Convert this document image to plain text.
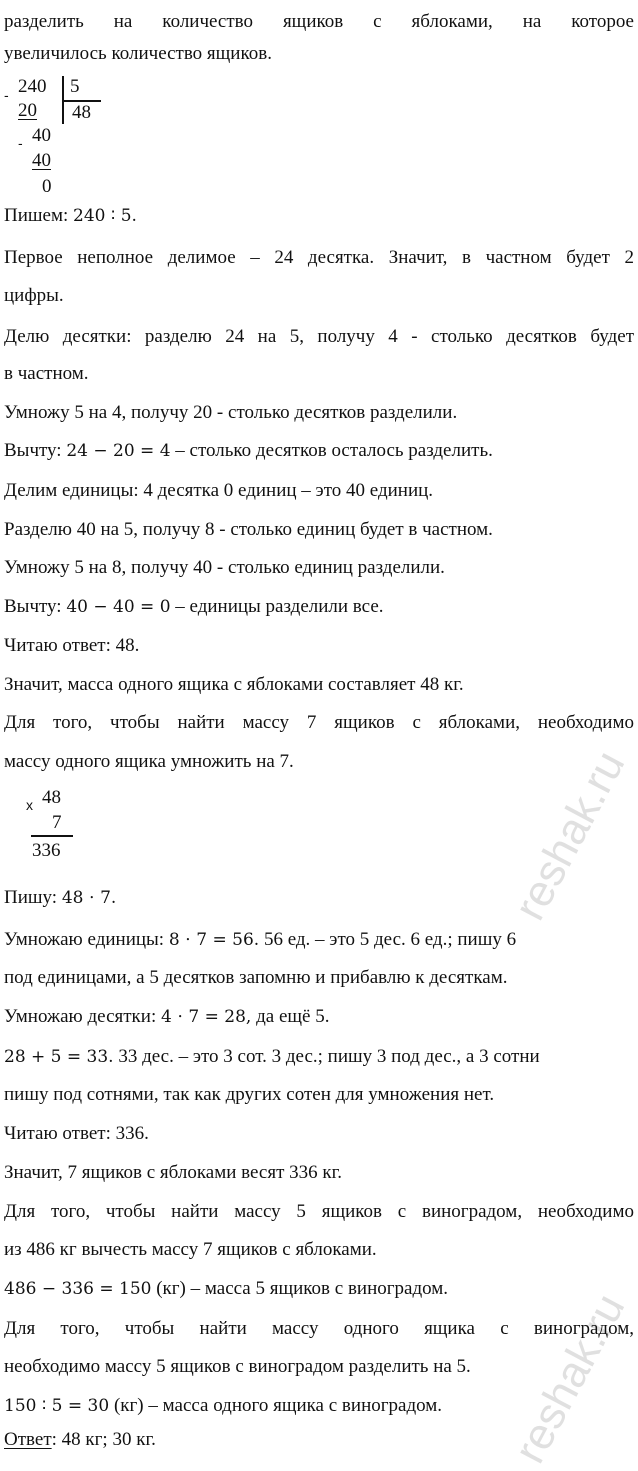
reshak.ru
reshak.ru
разделить на количество ящиков с яблоками, на которое
увеличилось количество ящиков.
- 240 5
20 48
- 40
40
0
Пишем: 240 ∶ 5.
Первое неполное делимое – 24 десятка. Значит, в частном будет 2
цифры.
Делю десятки: разделю 24 на 5, получу 4 - столько десятков будет
в частном.
Умножу 5 на 4, получу 20 - столько десятков разделили.
Вычту: 24 − 20 = 4 – столько десятков осталось разделить.
Делим единицы: 4 десятка 0 единиц – это 40 единиц.
Разделю 40 на 5, получу 8 - столько единиц будет в частном.
Умножу 5 на 8, получу 40 - столько единиц разделили.
Вычту: 40 − 40 = 0 – единицы разделили все.
Читаю ответ: 48.
Значит, масса одного ящика с яблоками составляет 48 кг.
Для того, чтобы найти массу 7 ящиков с яблоками, необходимо
массу одного ящика умножить на 7.
x 48
7
336
Пишу: 48 ⋅ 7.
Умножаю единицы: 8 ⋅ 7 = 56. 56 ед. – это 5 дес. 6 ед.; пишу 6
под единицами, а 5 десятков запомню и прибавлю к десяткам.
Умножаю десятки: 4 ⋅ 7 = 28, да ещё 5.
28 + 5 = 33. 33 дес. – это 3 сот. 3 дес.; пишу 3 под дес., а 3 сотни
пишу под сотнями, так как других сотен для умножения нет.
Читаю ответ: 336.
Значит, 7 ящиков с яблоками весят 336 кг.
Для того, чтобы найти массу 5 ящиков с виноградом, необходимо
из 486 кг вычесть массу 7 ящиков с яблоками.
486 − 336 = 150 (кг) – масса 5 ящиков с виноградом.
Для того, чтобы найти массу одного ящика с виноградом,
необходимо массу 5 ящиков с виноградом разделить на 5.
150 ∶ 5 = 30 (кг) – масса одного ящика с виноградом.
Ответ: 48 кг; 30 кг.
